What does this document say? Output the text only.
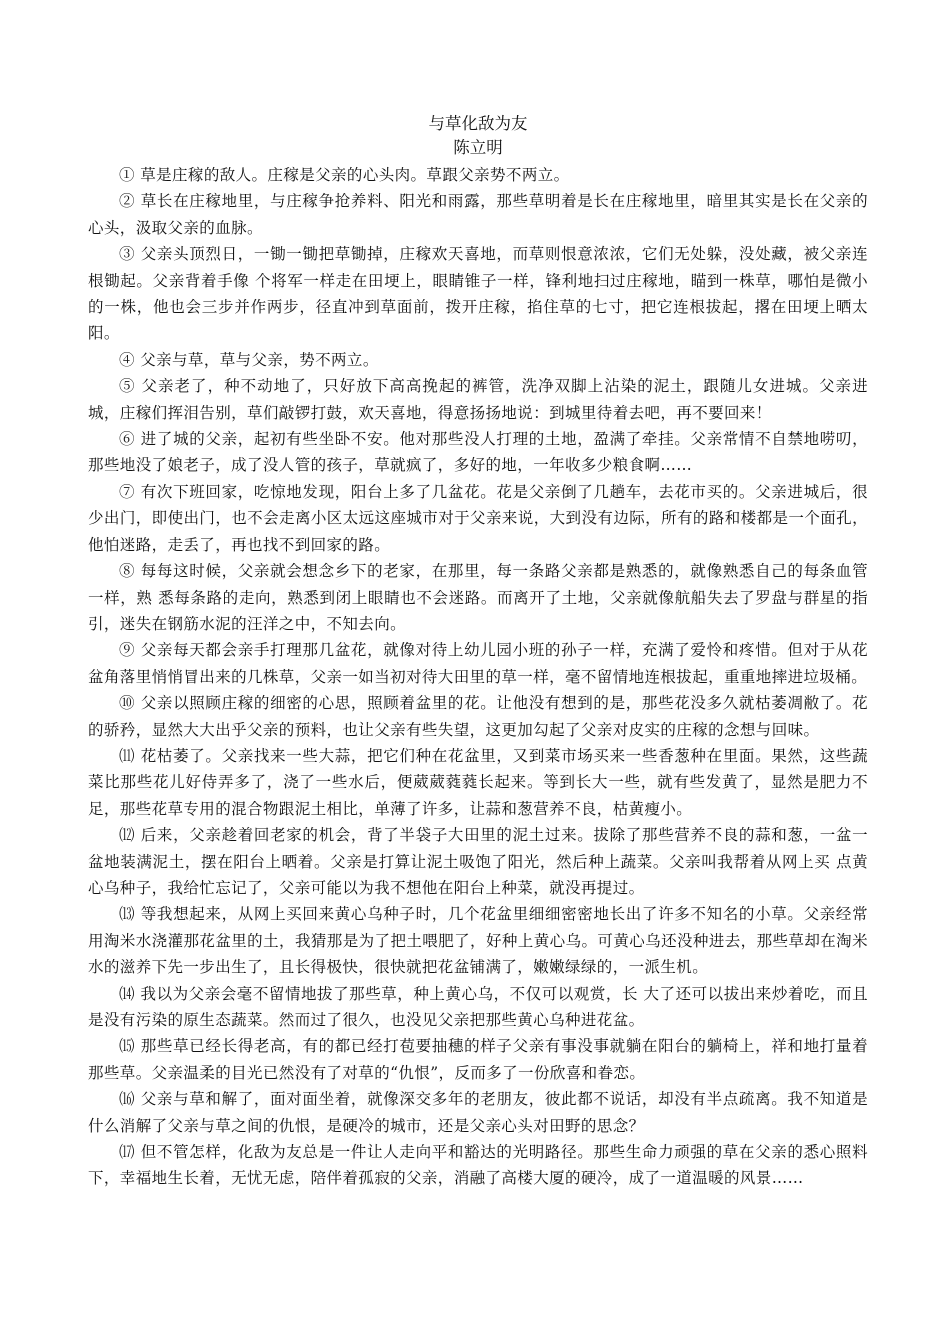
与草化敌为友
陈立明

① 草是庄稼的敌人。庄稼是父亲的心头肉。草跟父亲势不两立。

② 草长在庄稼地里，与庄稼争抢养料、阳光和雨露，那些草明着是长在庄稼地里，暗里其实是长在父亲的心头，汲取父亲的血脉。

③ 父亲头顶烈日，一锄一锄把草锄掉，庄稼欢天喜地，而草则恨意浓浓，它们无处躲，没处藏，被父亲连根锄起。父亲背着手像 个将军一样走在田埂上，眼睛锥子一样，锋利地扫过庄稼地，瞄到一株草，哪怕是微小的一株，他也会三步并作两步，径直冲到草面前，拨开庄稼，掐住草的七寸，把它连根拔起，撂在田埂上晒太阳。

④ 父亲与草，草与父亲，势不两立。

⑤ 父亲老了，种不动地了，只好放下高高挽起的裤管，洗净双脚上沾染的泥土，跟随儿女进城。父亲进城，庄稼们挥泪告别，草们敲锣打鼓，欢天喜地，得意扬扬地说：到城里待着去吧，再不要回来！

⑥ 进了城的父亲，起初有些坐卧不安。他对那些没人打理的土地，盈满了牵挂。父亲常情不自禁地唠叨，那些地没了娘老子，成了没人管的孩子，草就疯了，多好的地，一年收多少粮食啊……

⑦ 有次下班回家，吃惊地发现，阳台上多了几盆花。花是父亲倒了几趟车，去花市买的。父亲进城后，很少出门，即使出门，也不会走离小区太远这座城市对于父亲来说，大到没有边际，所有的路和楼都是一个面孔，他怕迷路，走丢了，再也找不到回家的路。

⑧ 每每这时候，父亲就会想念乡下的老家，在那里，每一条路父亲都是熟悉的，就像熟悉自己的每条血管一样，熟 悉每条路的走向，熟悉到闭上眼睛也不会迷路。而离开了土地，父亲就像航船失去了罗盘与群星的指引，迷失在钢筋水泥的汪洋之中，不知去向。

⑨ 父亲每天都会亲手打理那几盆花，就像对待上幼儿园小班的孙子一样，充满了爱怜和疼惜。但对于从花盆角落里悄悄冒出来的几株草，父亲一如当初对待大田里的草一样，毫不留情地连根拔起，重重地摔进垃圾桶。

⑩ 父亲以照顾庄稼的细密的心思，照顾着盆里的花。让他没有想到的是，那些花没多久就枯萎凋敝了。花的骄矜，显然大大出乎父亲的预料，也让父亲有些失望，这更加勾起了父亲对皮实的庄稼的念想与回味。

⑾ 花枯萎了。父亲找来一些大蒜，把它们种在花盆里，又到菜市场买来一些香葱种在里面。果然，这些蔬菜比那些花儿好侍弄多了，浇了一些水后，便葳葳蕤蕤长起来。等到长大一些，就有些发黄了，显然是肥力不足，那些花草专用的混合物跟泥土相比，单薄了许多，让蒜和葱营养不良，枯黄瘦小。

⑿ 后来，父亲趁着回老家的机会，背了半袋子大田里的泥土过来。拔除了那些营养不良的蒜和葱，一盆一盆地装满泥土，摆在阳台上晒着。父亲是打算让泥土吸饱了阳光，然后种上蔬菜。父亲叫我帮着从网上买 点黄心乌种子，我给忙忘记了，父亲可能以为我不想他在阳台上种菜，就没再提过。

⒀ 等我想起来，从网上买回来黄心乌种子时，几个花盆里细细密密地长出了许多不知名的小草。父亲经常用淘米水浇灌那花盆里的土，我猜那是为了把土喂肥了，好种上黄心乌。可黄心乌还没种进去，那些草却在淘米水的滋养下先一步出生了，且长得极快，很快就把花盆铺满了，嫩嫩绿绿的，一派生机。

⒁ 我以为父亲会毫不留情地拔了那些草，种上黄心乌，不仅可以观赏，长 大了还可以拔出来炒着吃，而且是没有污染的原生态蔬菜。然而过了很久，也没见父亲把那些黄心乌种进花盆。

⒂ 那些草已经长得老高，有的都已经打苞要抽穗的样子父亲有事没事就躺在阳台的躺椅上，祥和地打量着那些草。父亲温柔的目光已然没有了对草的“仇恨”，反而多了一份欣喜和眷恋。

⒃ 父亲与草和解了，面对面坐着，就像深交多年的老朋友，彼此都不说话，却没有半点疏离。我不知道是什么消解了父亲与草之间的仇恨，是硬冷的城市，还是父亲心头对田野的思念？

⒄ 但不管怎样，化敌为友总是一件让人走向平和豁达的光明路径。那些生命力顽强的草在父亲的悉心照料下，幸福地生长着，无忧无虑，陪伴着孤寂的父亲，消融了高楼大厦的硬冷，成了一道温暖的风景……
